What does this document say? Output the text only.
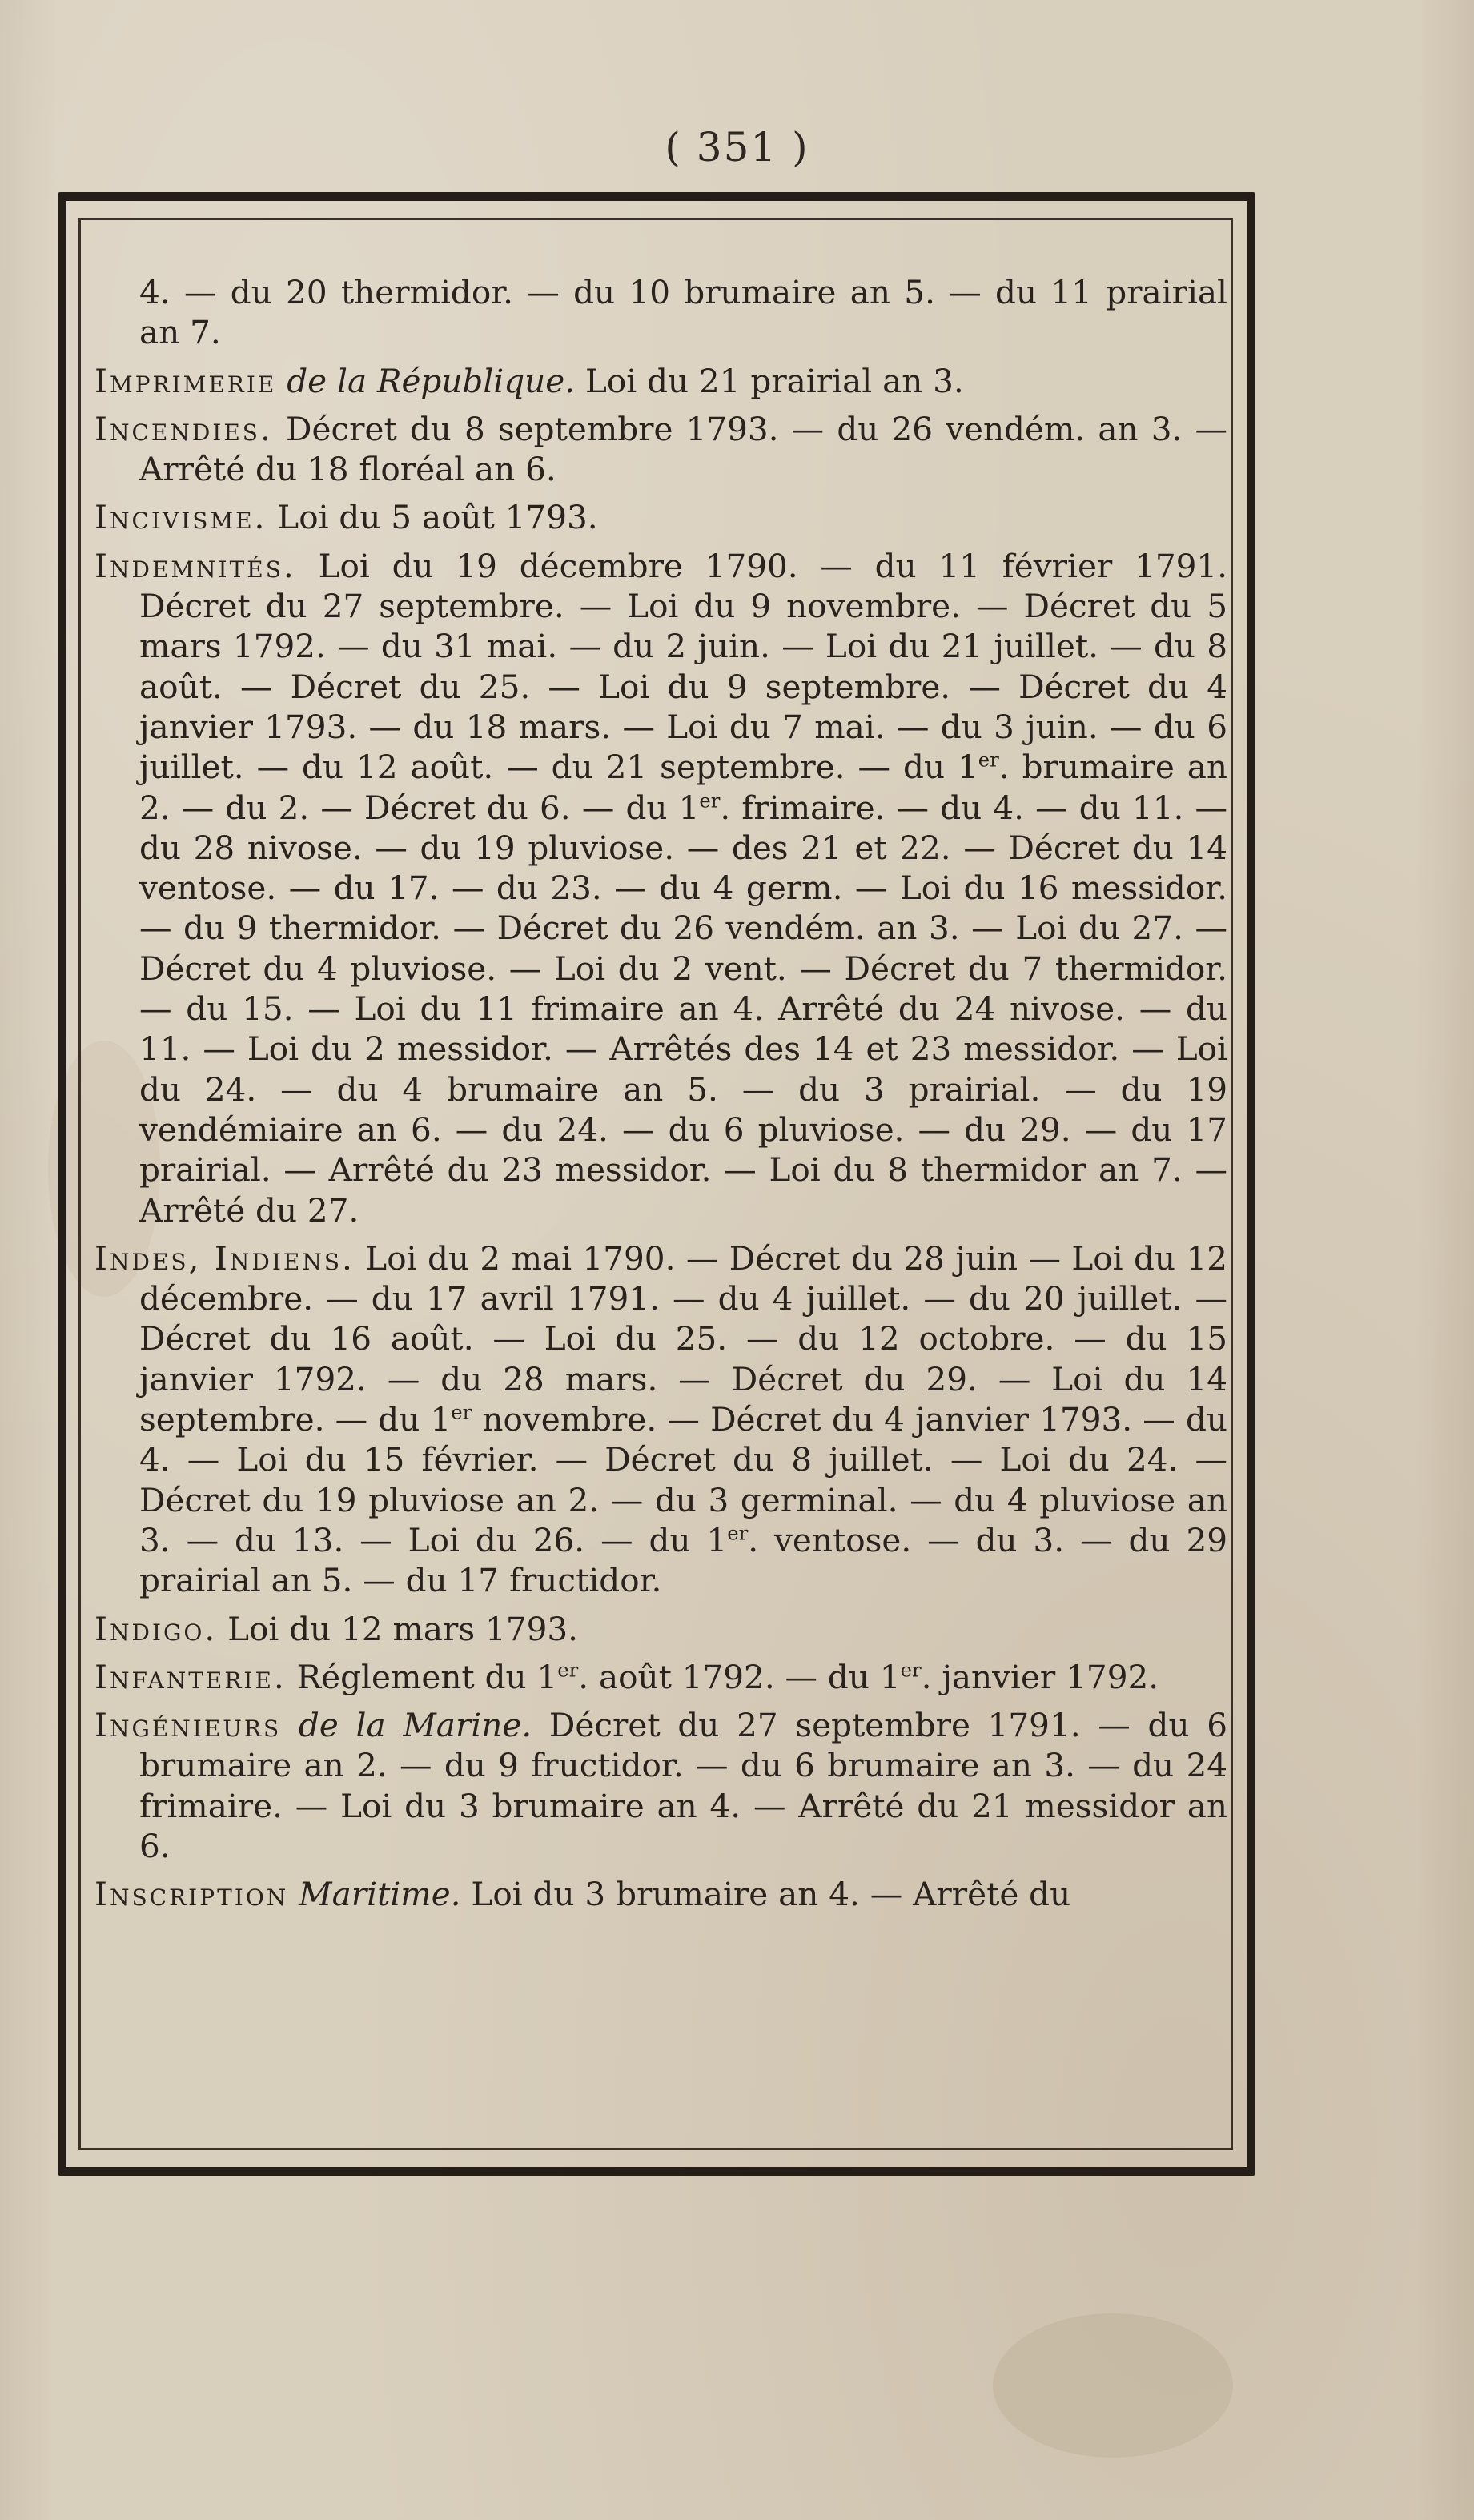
( 351 )

4. — du 20 thermidor. — du 10 brumaire an 5. — du 11 prairial an 7.

Imprimerie de la République. Loi du 21 prairial an 3.

Incendies. Décret du 8 septembre 1793. — du 26 vendém. an 3. — Arrêté du 18 floréal an 6.

Incivisme. Loi du 5 août 1793.

Indemnités. Loi du 19 décembre 1790. — du 11 février 1791. Décret du 27 septembre. — Loi du 9 novembre. — Décret du 5 mars 1792. — du 31 mai. — du 2 juin. — Loi du 21 juillet. — du 8 août. — Décret du 25. — Loi du 9 septembre. — Décret du 4 janvier 1793. — du 18 mars. — Loi du 7 mai. — du 3 juin. — du 6 juillet. — du 12 août. — du 21 septembre. — du 1er. brumaire an 2. — du 2. — Décret du 6. — du 1er. frimaire. — du 4. — du 11. — du 28 nivose. — du 19 pluviose. — des 21 et 22. — Décret du 14 ventose. — du 17. — du 23. — du 4 germ. — Loi du 16 messidor. — du 9 thermidor. — Décret du 26 vendém. an 3. — Loi du 27. — Décret du 4 pluviose. — Loi du 2 vent. — Décret du 7 thermidor. — du 15. — Loi du 11 frimaire an 4. Arrêté du 24 nivose. — du 11. — Loi du 2 messidor. — Arrêtés des 14 et 23 messidor. — Loi du 24. — du 4 brumaire an 5. — du 3 prairial. — du 19 vendémiaire an 6. — du 24. — du 6 pluviose. — du 29. — du 17 prairial. — Arrêté du 23 messidor. — Loi du 8 thermidor an 7. — Arrêté du 27.

Indes, Indiens. Loi du 2 mai 1790. — Décret du 28 juin — Loi du 12 décembre. — du 17 avril 1791. — du 4 juillet. — du 20 juillet. — Décret du 16 août. — Loi du 25. — du 12 octobre. — du 15 janvier 1792. — du 28 mars. — Décret du 29. — Loi du 14 septembre. — du 1er novembre. — Décret du 4 janvier 1793. — du 4. — Loi du 15 février. — Décret du 8 juillet. — Loi du 24. — Décret du 19 pluviose an 2. — du 3 germinal. — du 4 pluviose an 3. — du 13. — Loi du 26. — du 1er. ventose. — du 3. — du 29 prairial an 5. — du 17 fructidor.

Indigo. Loi du 12 mars 1793.

Infanterie. Réglement du 1er. août 1792. — du 1er. janvier 1792.

Ingénieurs de la Marine. Décret du 27 septembre 1791. — du 6 brumaire an 2. — du 9 fructidor. — du 6 brumaire an 3. — du 24 frimaire. — Loi du 3 brumaire an 4. — Arrêté du 21 messidor an 6.

Inscription Maritime. Loi du 3 brumaire an 4. — Arrêté du
